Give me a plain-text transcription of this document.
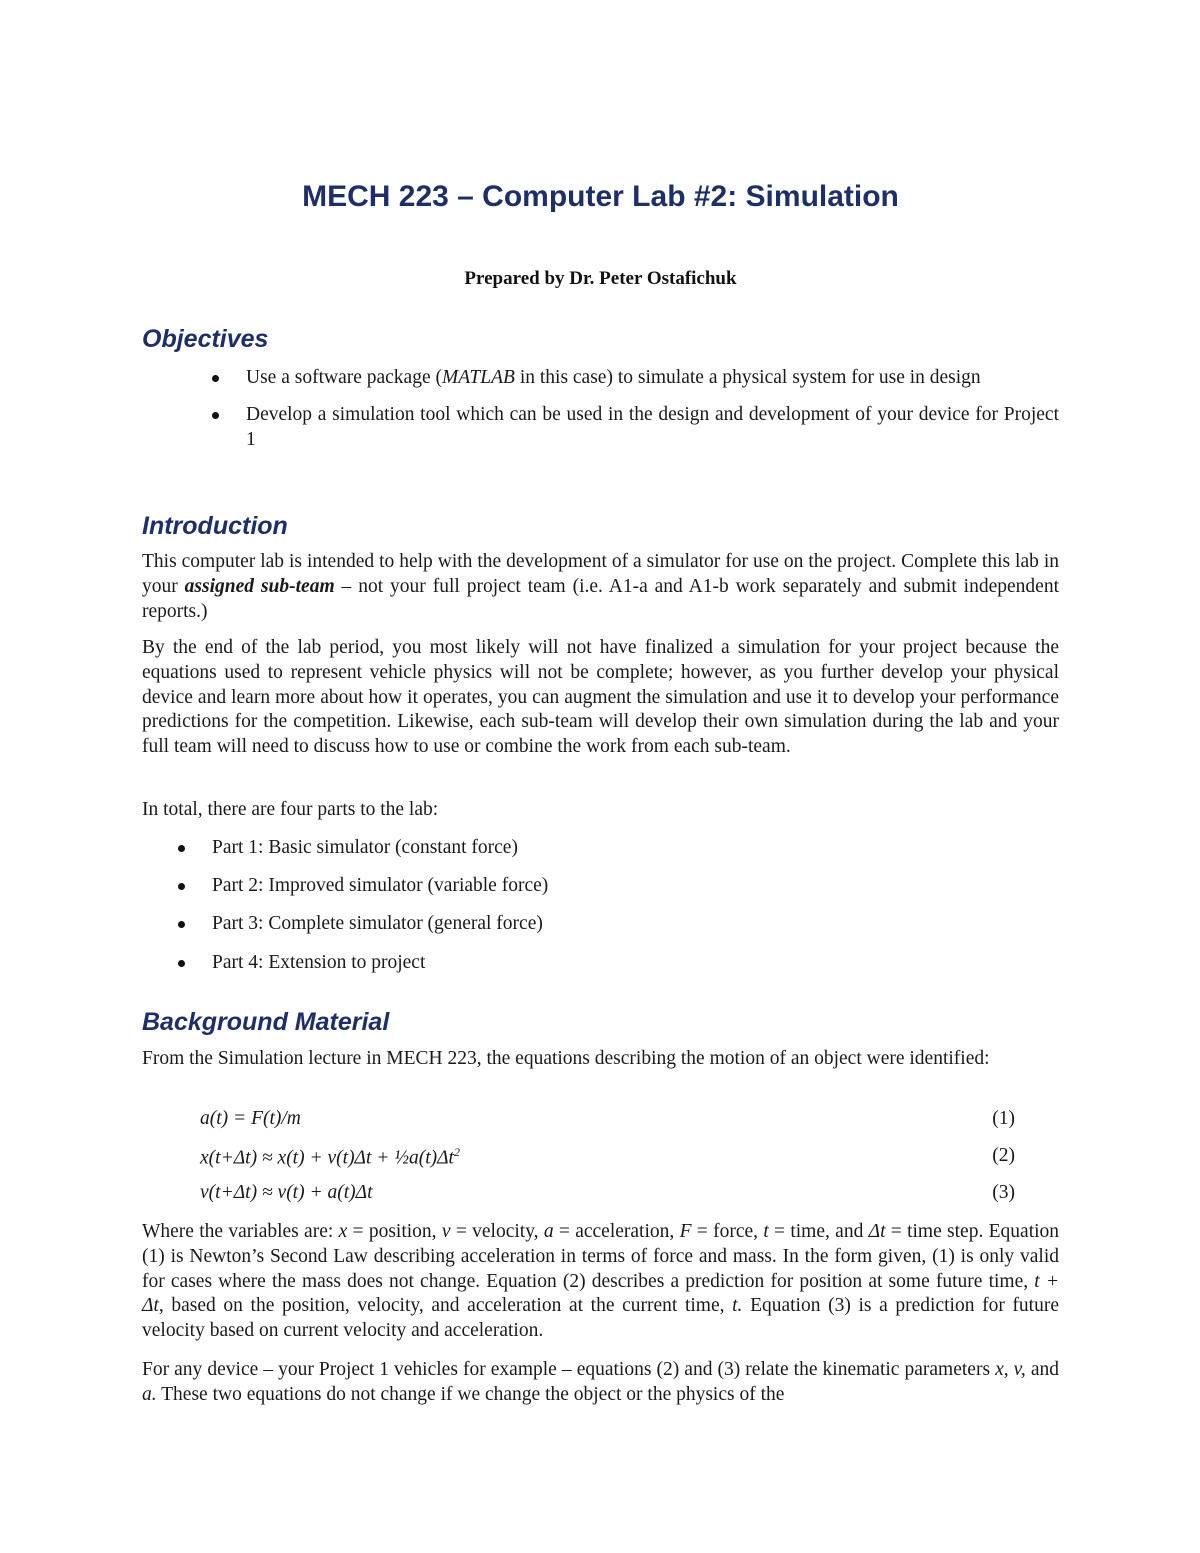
MECH 223 – Computer Lab #2: Simulation

Prepared by Dr. Peter Ostafichuk

Objectives
Use a software package (MATLAB in this case) to simulate a physical system for use in design
Develop a simulation tool which can be used in the design and development of your device for Project 1
Introduction

This computer lab is intended to help with the development of a simulator for use on the project. Complete this lab in your assigned sub-team – not your full project team (i.e. A1-a and A1-b work separately and submit independent reports.)

By the end of the lab period, you most likely will not have finalized a simulation for your project because the equations used to represent vehicle physics will not be complete; however, as you further develop your physical device and learn more about how it operates, you can augment the simulation and use it to develop your performance predictions for the competition. Likewise, each sub-team will develop their own simulation during the lab and your full team will need to discuss how to use or combine the work from each sub-team.

In total, there are four parts to the lab:

Part 1: Basic simulator (constant force)
Part 2: Improved simulator (variable force)
Part 3: Complete simulator (general force)
Part 4: Extension to project
Background Material

From the Simulation lecture in MECH 223, the equations describing the motion of an object were identified:

a(t) = F(t)/m	(1)
$x(t+\Delta t) \approx x(t) + v(t)\Delta t + \frac{1}{2}a(t)\Delta t^2$	(2)
v(t+Δt) ≈ v(t) + a(t)Δt	(3)

Where the variables are: x = position, v = velocity, a = acceleration, F = force, t = time, and Δt = time step. Equation (1) is Newton’s Second Law describing acceleration in terms of force and mass. In the form given, (1) is only valid for cases where the mass does not change. Equation (2) describes a prediction for position at some future time, t + Δt, based on the position, velocity, and acceleration at the current time, t. Equation (3) is a prediction for future velocity based on current velocity and acceleration.

For any device – your Project 1 vehicles for example – equations (2) and (3) relate the kinematic parameters x, v, and a. These two equations do not change if we change the object or the physics of the
